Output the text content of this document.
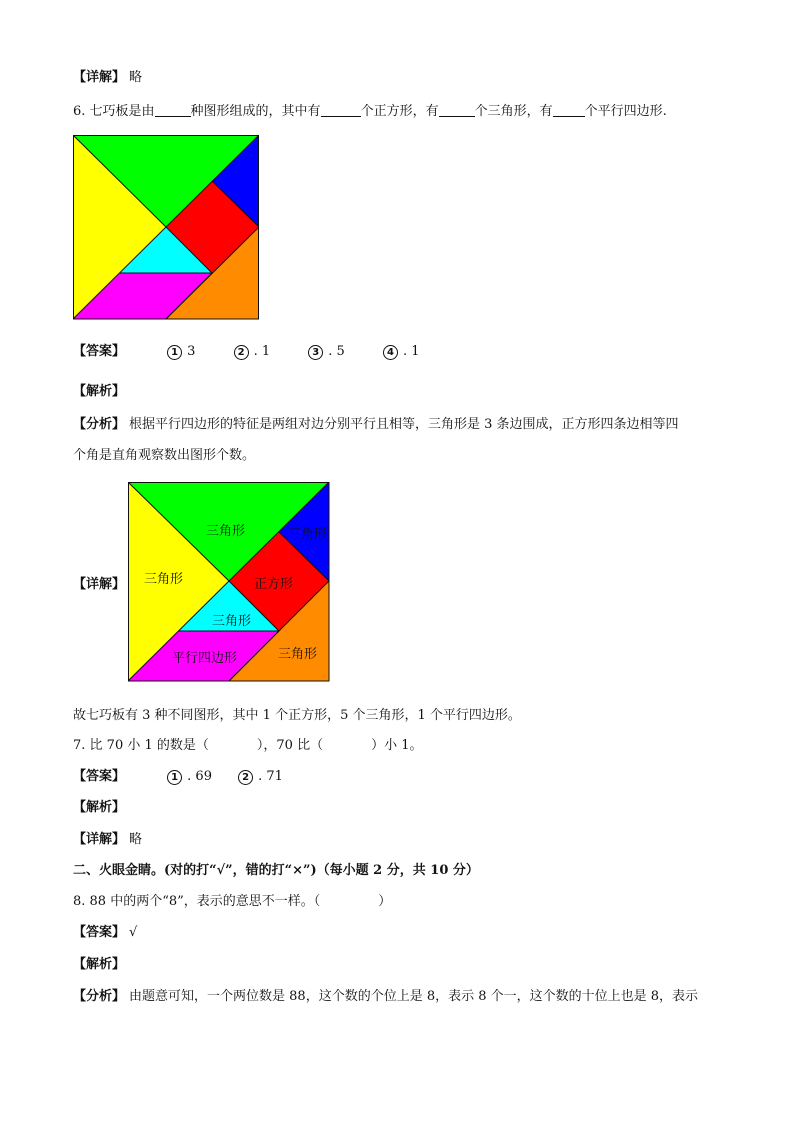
【详解】 略
6. 七巧板是由	种图形组成的，其中有	个正方形，有	个三角形，有 个平行四边形.
【答案】	1 3	2 . 1	3 . 5	4 . 1
【解析】
【分析】 根据平行四边形的特征是两组对边分别平行且相等，三角形是 3 条边围成，正方形四条边相等四
个角是直角观察数出图形个数。
【详解】
三角形	三角形
三角形	正方形
三角形
平行四边形	三角形
故七巧板有 3 种不同图形，其中 1 个正方形，5 个三角形，1 个平行四边形。
7. 比 70 小 1 的数是（	），70 比（	）小 1。
【答案】	1 . 69	2 . 71
【解析】
【详解】 略
二、火眼金睛。(对的打“√”，错的打“×”)（每小题 2 分，共 10 分）
8. 88 中的两个“8”，表示的意思不一样。（	）
【答案】 √
【解析】
【分析】 由题意可知，一个两位数是 88，这个数的个位上是 8，表示 8 个一，这个数的十位上也是 8，表示
